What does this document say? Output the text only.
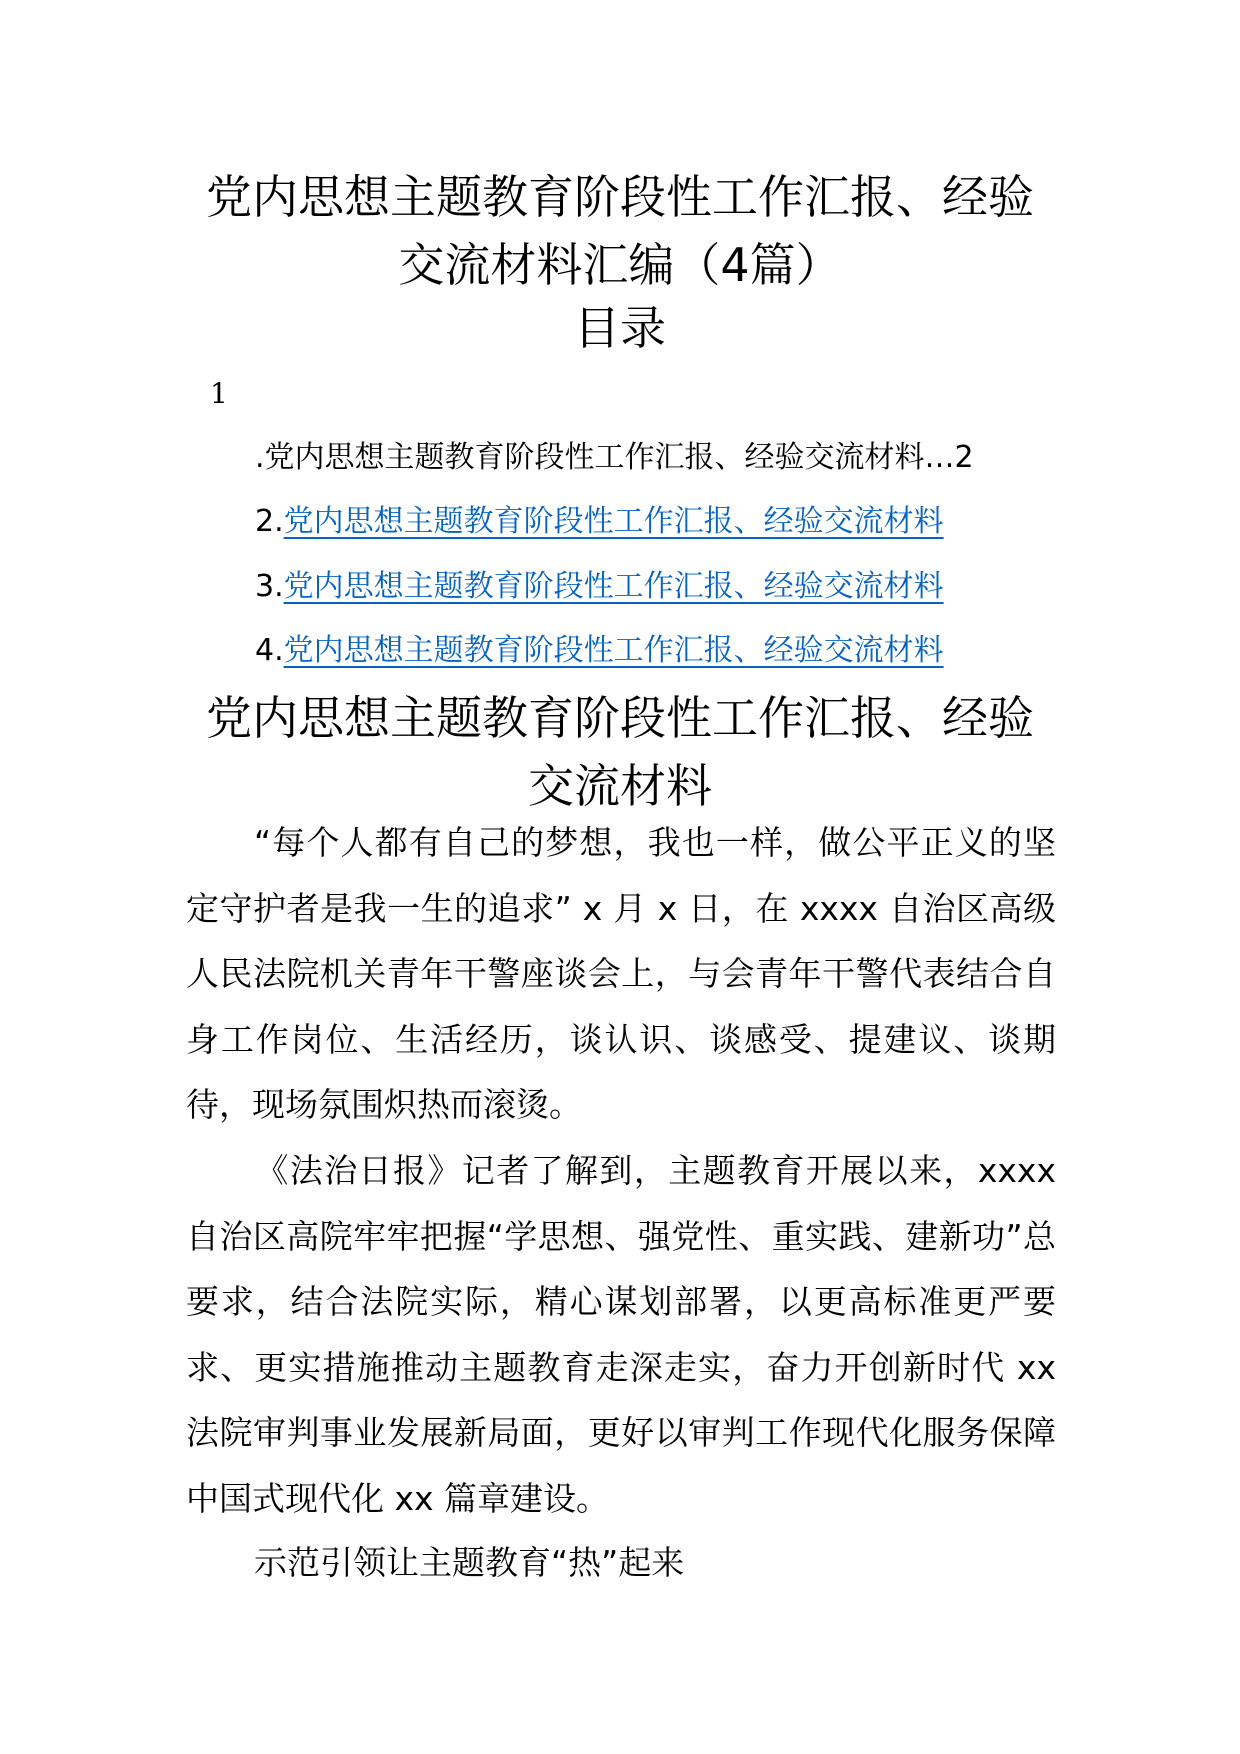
党内思想主题教育阶段性工作汇报、经验
交流材料汇编（4篇）
目录
1
.党内思想主题教育阶段性工作汇报、经验交流材料…2
2.党内思想主题教育阶段性工作汇报、经验交流材料
3.党内思想主题教育阶段性工作汇报、经验交流材料
4.党内思想主题教育阶段性工作汇报、经验交流材料
党内思想主题教育阶段性工作汇报、经验
交流材料

“每个人都有自己的梦想，我也一样，做公平正义的坚定守护者是我一生的追求” x 月 x 日，在 xxxx 自治区高级人民法院机关青年干警座谈会上，与会青年干警代表结合自身工作岗位、生活经历，谈认识、谈感受、提建议、谈期待，现场氛围炽热而滚烫。

《法治日报》记者了解到，主题教育开展以来，xxxx 自治区高院牢牢把握“学思想、强党性、重实践、建新功”总要求，结合法院实际，精心谋划部署，以更高标准更严要求、更实措施推动主题教育走深走实，奋力开创新时代 xx 法院审判事业发展新局面，更好以审判工作现代化服务保障中国式现代化 xx 篇章建设。

示范引领让主题教育“热”起来
